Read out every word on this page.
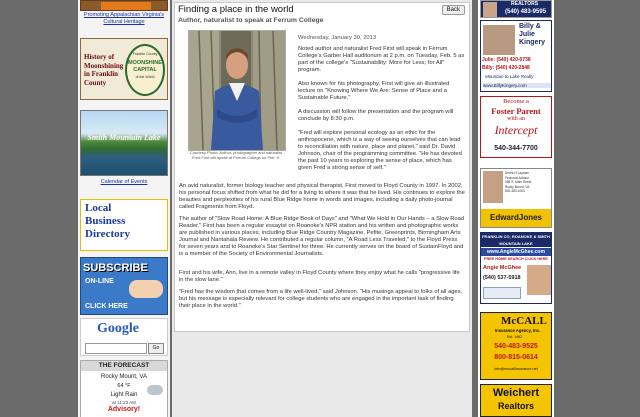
Promoting Appalachian Virginia's Cultural Heritage
History of Moonshining in Franklin County
Franklin County
MOONSHINE CAPITAL
of the World
Smith Mountain Lake
Calendar of Events
Local
Business
Directory
SUBSCRIBE
ON-LINE
CLICK HERE
Google
Go
THE FORECAST
Rocky Mount, VA
64 °F
Light Rain
at 11:23 AM
Advisory!
Finding a place in the world	Back
Author, naturalist to speak at Ferrum College
Courtesy Photo: Author, photographer and naturalist Fred First will speak at Ferrum College on Feb. 5.
Wednesday, January 30, 2013
Noted author and naturalist Fred First will speak in Ferrum College's Garber Hall auditorium at 2 p.m. on Tuesday, Feb. 5 as part of the college's "Sustainability: More for Less; for All" program.
Also known for his photography, First will give an illustrated lecture on "Knowing Where We Are: Sense of Place and a Sustainable Future."
A discussion will follow the presentation and the program will conclude by 8:30 p.m.
"Fred will explore personal ecology as an ethic for the anthropocene, which is a way of seeing ourselves that can lead to reconciliation with nature, place and planet," said Dr. David Johnson, chair of the programming committee. "He has devoted the past 10 years to exploring the sense of place, which has given Fred a strong sense of self."
An avid naturalist, former biology teacher and physical therapist, First moved to Floyd County in 1997. In 2002, his personal focus shifted from what he did for a living to where it was that he lived. His continues to explore the beauties and perplexities of his rural Blue Ridge home in words and images, including a daily photo-journal called Fragments from Floyd.
The author of "Slow Road Home: A Blue Ridge Book of Days" and "What We Hold in Our Hands – a Slow Road Reader," First has been a regular essayist on Roanoke's NPR station and his written and photographic works are published in various places, including Blue Ridge Country Magazine, Pefite, Greenprints, Birmingham Arts Journal and Nantahala Review. He contributed a regular column, "A Road Less Traveled," to the Floyd Press for seven years and to Roanoke's Star Sentinel for three. He currently serves on the board of SustainFloyd and is a member of the Society of Environmental Journalists.
First and his wife, Ann, live in a remote valley in Floyd County where they enjoy what he calls "progressive life in the slow lane."
"Fred has the wisdom that comes from a life well-lived," said Johnson. "His musings appeal to folks of all ages, but his message is especially relevant for college students who are engaged in the important task of finding their place in the world."
REALTORS
(540) 483-9595
Billy &
Julie
Kingery
Julie: (540) 420-0738
Billy: (540) 420-2848
Mountain to Lake Realty
www.BillyKingery.com
Become a
Foster Parent
with an
Intercept
540-344-7700
Derek H Layman
Financial Advisor
385 S. Main Street
Rocky Mount, VA
540-483-1063
EdwardJones
FRANKLIN CO, ROANOKE & SMITH MOUNTAIN LAKE
www.AngieMcGhee.com
FREE HOME SEARCH CLICK HERE
Angie McGhee
(540) 537-5918
McCALL
Insurance Agency, Inc.
Est. 1962
540-483-9525
800-815-0614
info@mccallinsurance.net
Weichert
Realtors
